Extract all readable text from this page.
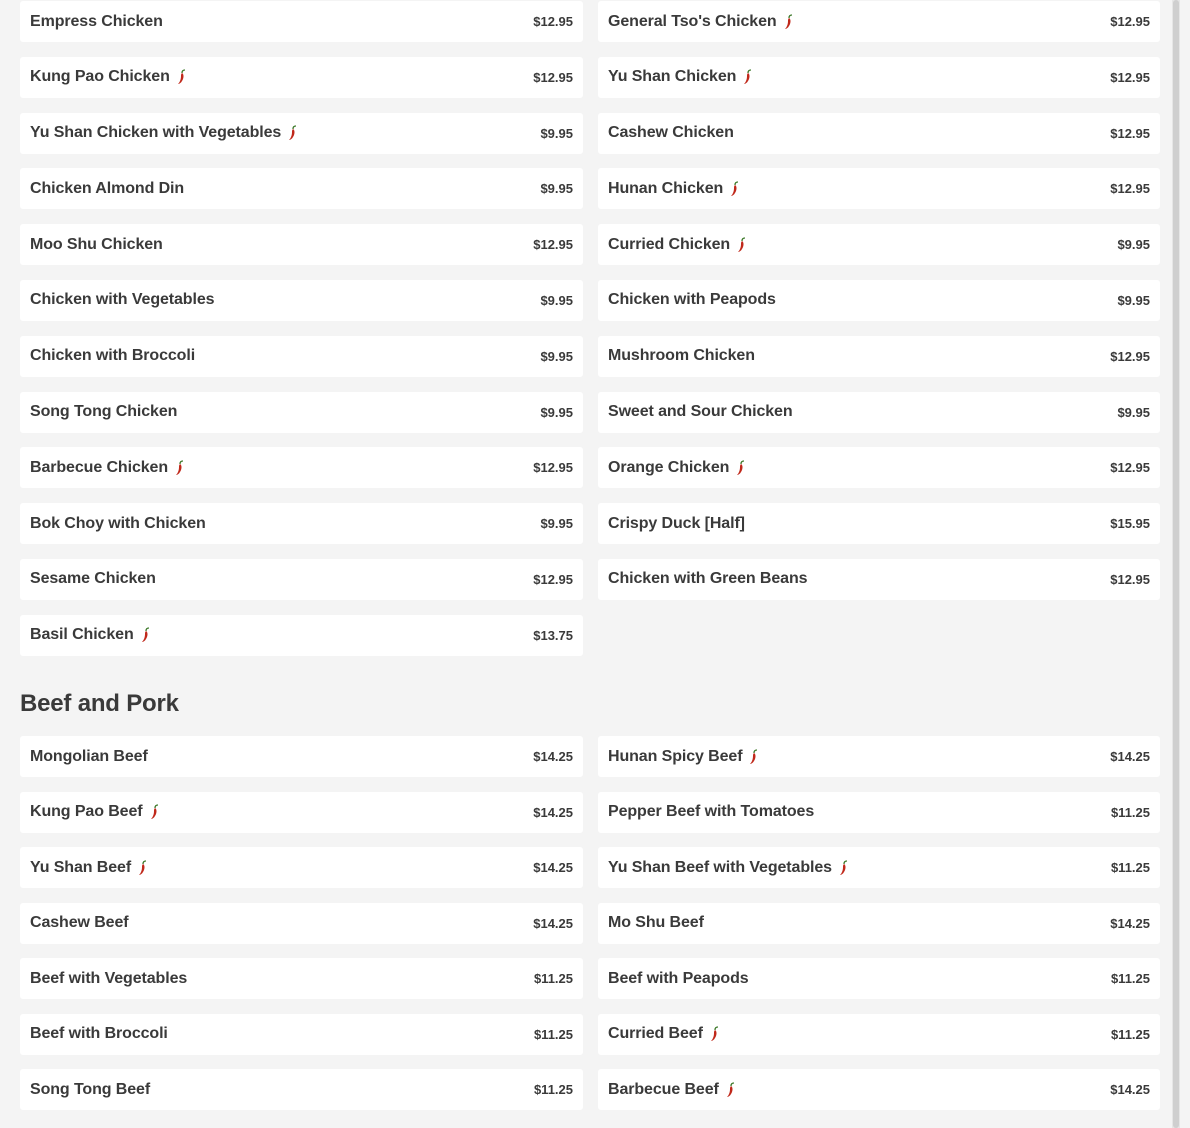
Empress Chicken	$12.95 General Tso's Chicken	$12.95
Kung Pao Chicken	$12.95 Yu Shan Chicken	$12.95
Yu Shan Chicken with Vegetables	$9.95 Cashew Chicken	$12.95
Chicken Almond Din	$9.95 Hunan Chicken	$12.95
Moo Shu Chicken	$12.95 Curried Chicken	$9.95
Chicken with Vegetables	$9.95 Chicken with Peapods	$9.95
Chicken with Broccoli	$9.95 Mushroom Chicken	$12.95
Song Tong Chicken	$9.95 Sweet and Sour Chicken	$9.95
Barbecue Chicken	$12.95 Orange Chicken	$12.95
Bok Choy with Chicken	$9.95 Crispy Duck [Half]	$15.95
Sesame Chicken	$12.95 Chicken with Green Beans	$12.95
Basil Chicken	$13.75
Beef and Pork
Mongolian Beef	$14.25 Hunan Spicy Beef	$14.25
Kung Pao Beef	$14.25 Pepper Beef with Tomatoes	$11.25
Yu Shan Beef	$14.25 Yu Shan Beef with Vegetables	$11.25
Cashew Beef	$14.25 Mo Shu Beef	$14.25
Beef with Vegetables	$11.25 Beef with Peapods	$11.25
Beef with Broccoli	$11.25 Curried Beef	$11.25
Song Tong Beef	$11.25 Barbecue Beef	$14.25
